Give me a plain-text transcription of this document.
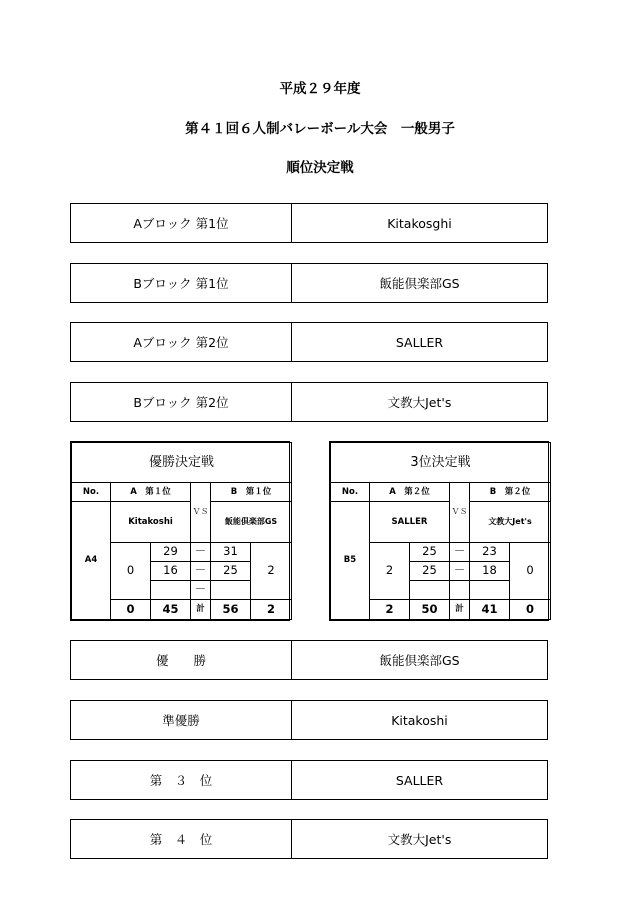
平成２９年度
第４１回６人制バレーボール大会　一般男子
順位決定戦
Aブロック 第1位	Kitakosghi
Bブロック 第1位	飯能倶楽部GS
Aブロック 第2位	SALLER
Bブロック 第2位	文教大Jet's
優勝決定戦					
No.	A　第１位		ＶＳ	B　第１位	
A4	Kitakoshi			飯能倶楽部GS	
	0	29	－	31	2
		16	－	25	
			－		
	0	45	計	56	2
3位決定戦					
No.	A　第２位		ＶＳ	B　第２位	
B5	SALLER			文教大Jet's	
	2	25	－	23	0
		25	－	18	

	2	50	計	41	0
優　　勝	飯能倶楽部GS
準優勝	Kitakoshi
第　３　位	SALLER
第　４　位	文教大Jet's
